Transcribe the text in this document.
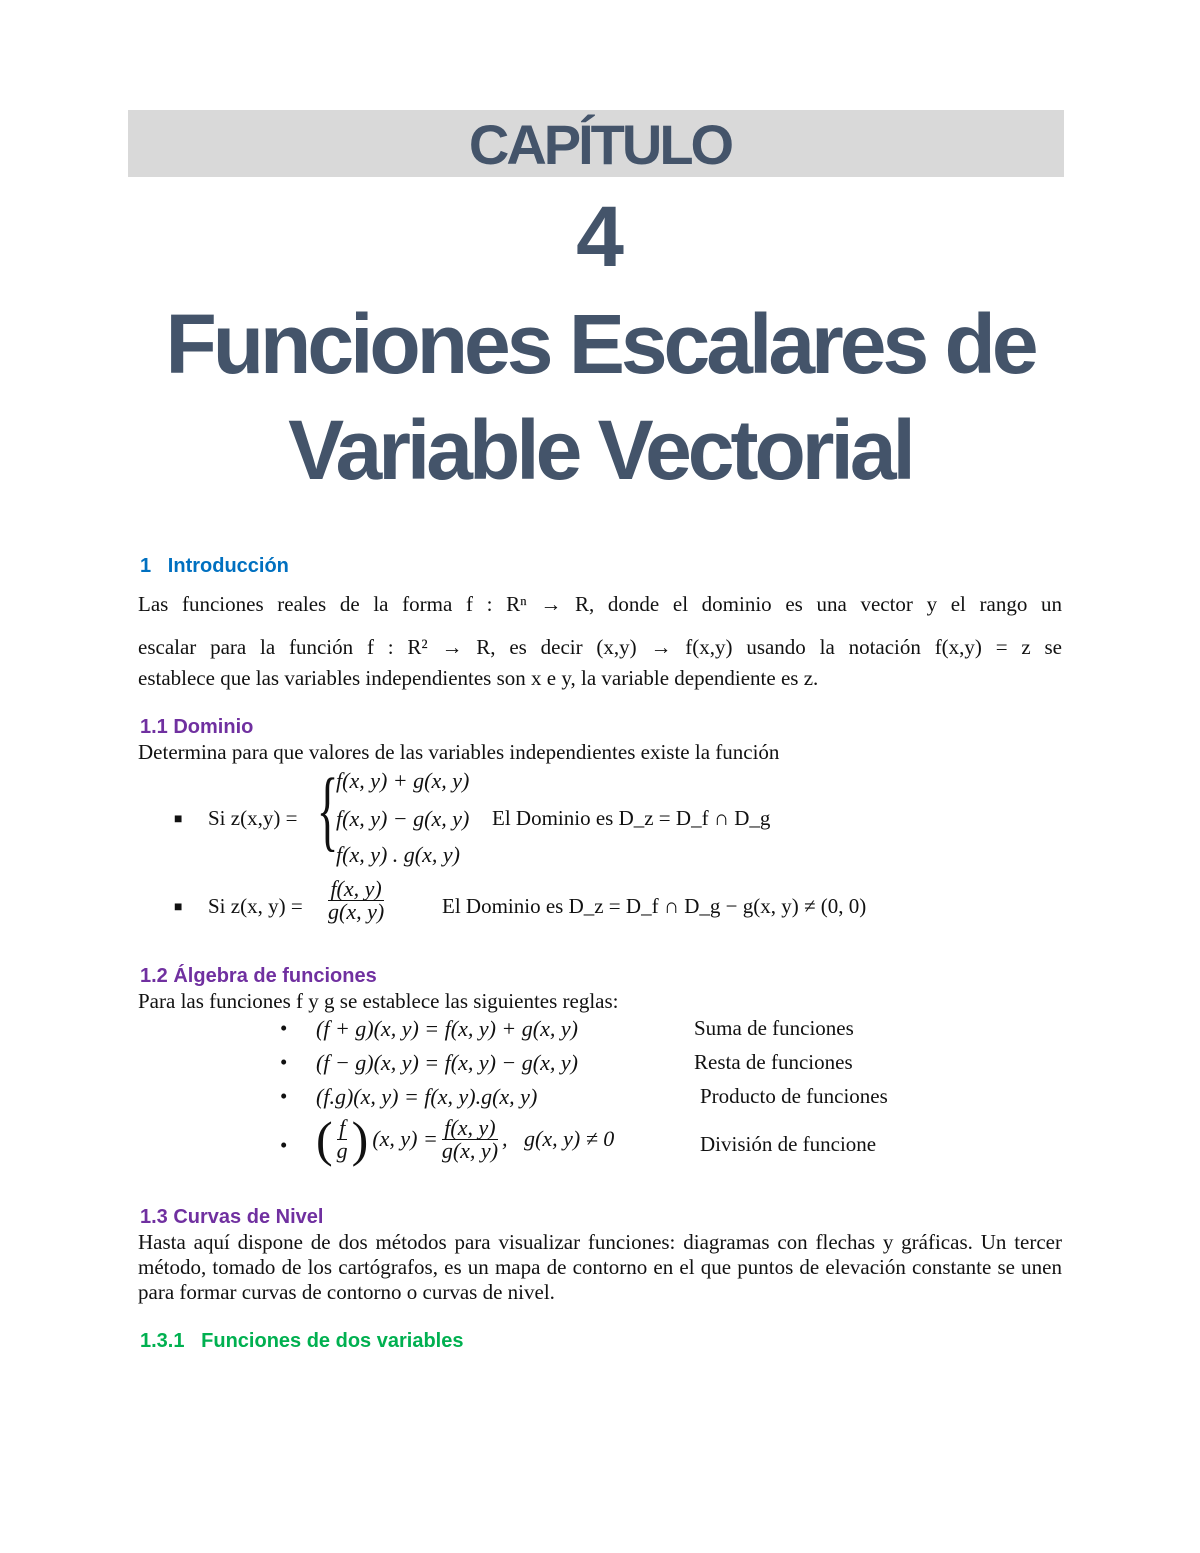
CAPÍTULO
4
Funciones Escalares de
Variable Vectorial
1   Introducción
Las funciones reales de la forma f : Rⁿ → R, donde el dominio es una vector y el rango un
escalar para la función f : R² → R, es decir (x,y) → f(x,y) usando la notación f(x,y) = z se
establece que las variables independientes son x e y, la variable dependiente es z.
1.1 Dominio
Determina para que valores de las variables independientes existe la función
■ Si z(x,y) = {
f(x, y) + g(x, y)
f(x, y) − g(x, y)
f(x, y) . g(x, y)
El Dominio es D_z = D_f ∩ D_g
■ Si z(x, $y) = \frac{f(x, y)}{g(x, y)}$	El Dominio es D_z = D_f ∩ D_g − g(x, y) ≠ (0, 0)
1.2 Álgebra de funciones
Para las funciones f y g se establece las siguientes reglas:
• (f + g)(x, y) = f(x, y) + g(x, y)	Suma de funciones
• (f − g)(x, y) = f(x, y) − g(x, y)	Resta de funciones
• (f.g)(x, y) = f(x, y).g(x, y)	Producto de funciones
• ( $\frac{f}{g}$ ) (x, $y) = \frac{f(x, y)}{g(x, y)}$ ,   g(x, y) ≠ 0	División de funcione
1.3 Curvas de Nivel
Hasta aquí dispone de dos métodos para visualizar funciones: diagramas con flechas y gráficas. Un tercer método, tomado de los cartógrafos, es un mapa de contorno en el que puntos de elevación constante se unen para formar curvas de contorno o curvas de nivel.
1.3.1   Funciones de dos variables
